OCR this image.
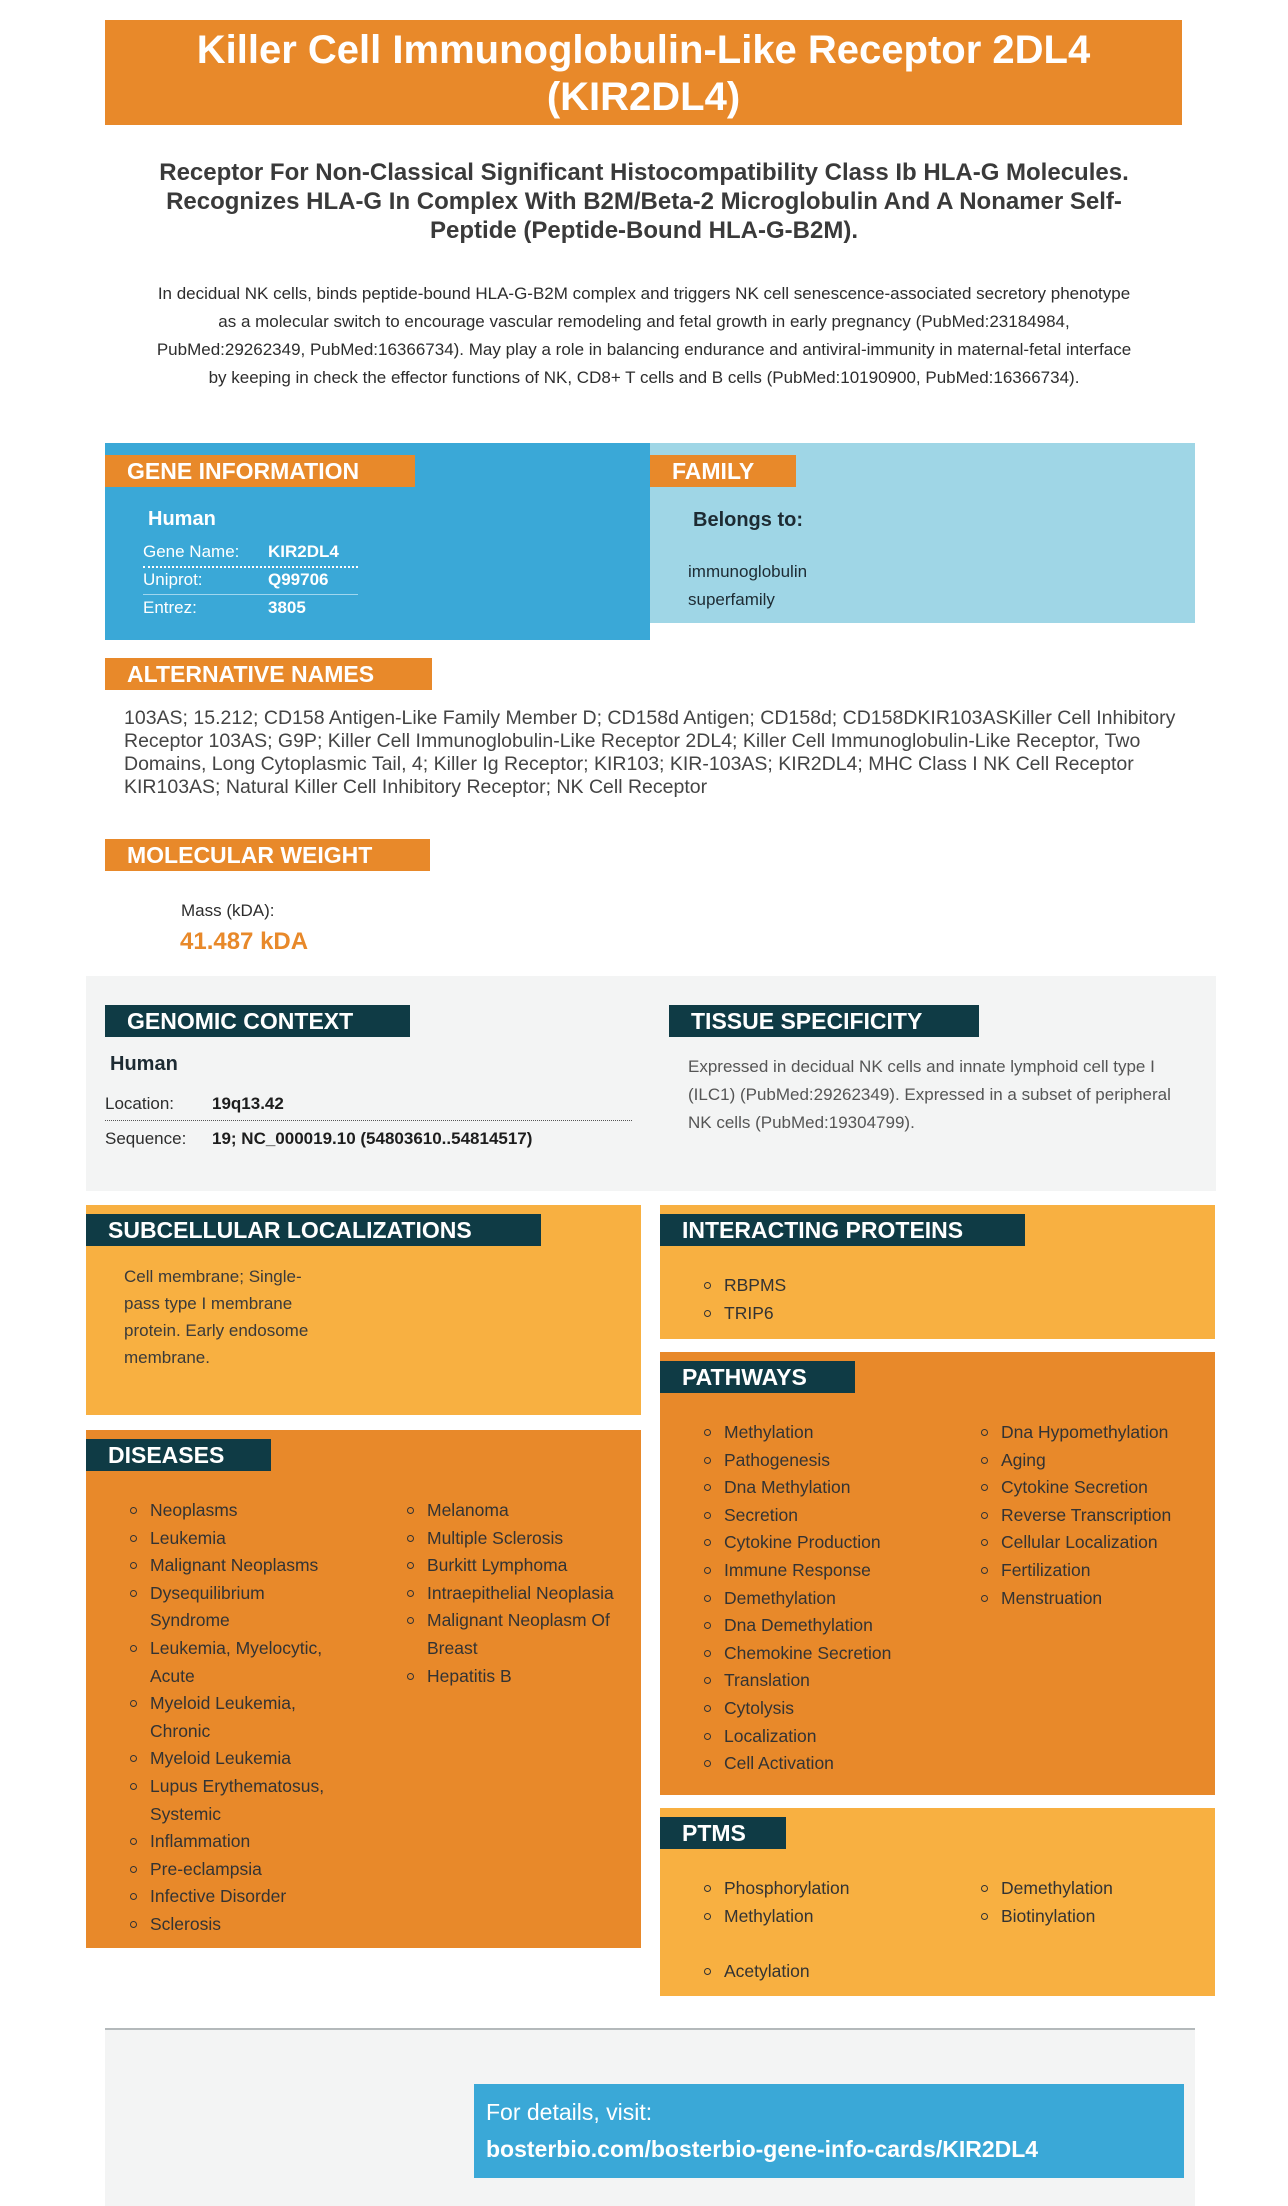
Killer Cell Immunoglobulin-Like Receptor 2DL4 (KIR2DL4)
Receptor For Non-Classical Significant Histocompatibility Class Ib HLA-G Molecules. Recognizes HLA-G In Complex With B2M/Beta-2 Microglobulin And A Nonamer Self-Peptide (Peptide-Bound HLA-G-B2M).
In decidual NK cells, binds peptide-bound HLA-G-B2M complex and triggers NK cell senescence-associated secretory phenotype as a molecular switch to encourage vascular remodeling and fetal growth in early pregnancy (PubMed:23184984, PubMed:29262349, PubMed:16366734). May play a role in balancing endurance and antiviral-immunity in maternal-fetal interface by keeping in check the effector functions of NK, CD8+ T cells and B cells (PubMed:10190900, PubMed:16366734).
GENE INFORMATION
Human
Gene Name: KIR2DL4
Uniprot:	Q99706
Entrez:	3805
FAMILY
Belongs to:
immunoglobulin superfamily
ALTERNATIVE NAMES
103AS; 15.212; CD158 Antigen-Like Family Member D; CD158d Antigen; CD158d; CD158DKIR103ASKiller Cell Inhibitory Receptor 103AS; G9P; Killer Cell Immunoglobulin-Like Receptor 2DL4; Killer Cell Immunoglobulin-Like Receptor, Two Domains, Long Cytoplasmic Tail, 4; Killer Ig Receptor; KIR103; KIR-103AS; KIR2DL4; MHC Class I NK Cell Receptor KIR103AS; Natural Killer Cell Inhibitory Receptor; NK Cell Receptor
MOLECULAR WEIGHT
Mass (kDA):
41.487 kDA
GENOMIC CONTEXT
Human
Location: 19q13.42
Sequence: 19; NC_000019.10 (54803610..54814517)
TISSUE SPECIFICITY
Expressed in decidual NK cells and innate lymphoid cell type I (ILC1) (PubMed:29262349). Expressed in a subset of peripheral NK cells (PubMed:19304799).
SUBCELLULAR LOCALIZATIONS
Cell membrane; Single-pass type I membrane protein. Early endosome membrane.
INTERACTING PROTEINS
RBPMS
TRIP6
DISEASES
Neoplasms
Leukemia
Malignant Neoplasms
Dysequilibrium Syndrome
Leukemia, Myelocytic, Acute
Myeloid Leukemia, Chronic
Myeloid Leukemia
Lupus Erythematosus, Systemic
Inflammation
Pre-eclampsia
Infective Disorder
Sclerosis
Melanoma
Multiple Sclerosis
Burkitt Lymphoma
Intraepithelial Neoplasia
Malignant Neoplasm Of Breast
Hepatitis B
PATHWAYS
Methylation
Pathogenesis
Dna Methylation
Secretion
Cytokine Production
Immune Response
Demethylation
Dna Demethylation
Chemokine Secretion
Translation
Cytolysis
Localization
Cell Activation
Dna Hypomethylation
Aging
Cytokine Secretion
Reverse Transcription
Cellular Localization
Fertilization
Menstruation
PTMS
Phosphorylation
Methylation
Demethylation
Biotinylation
Acetylation
For details, visit:
bosterbio.com/bosterbio-gene-info-cards/KIR2DL4
